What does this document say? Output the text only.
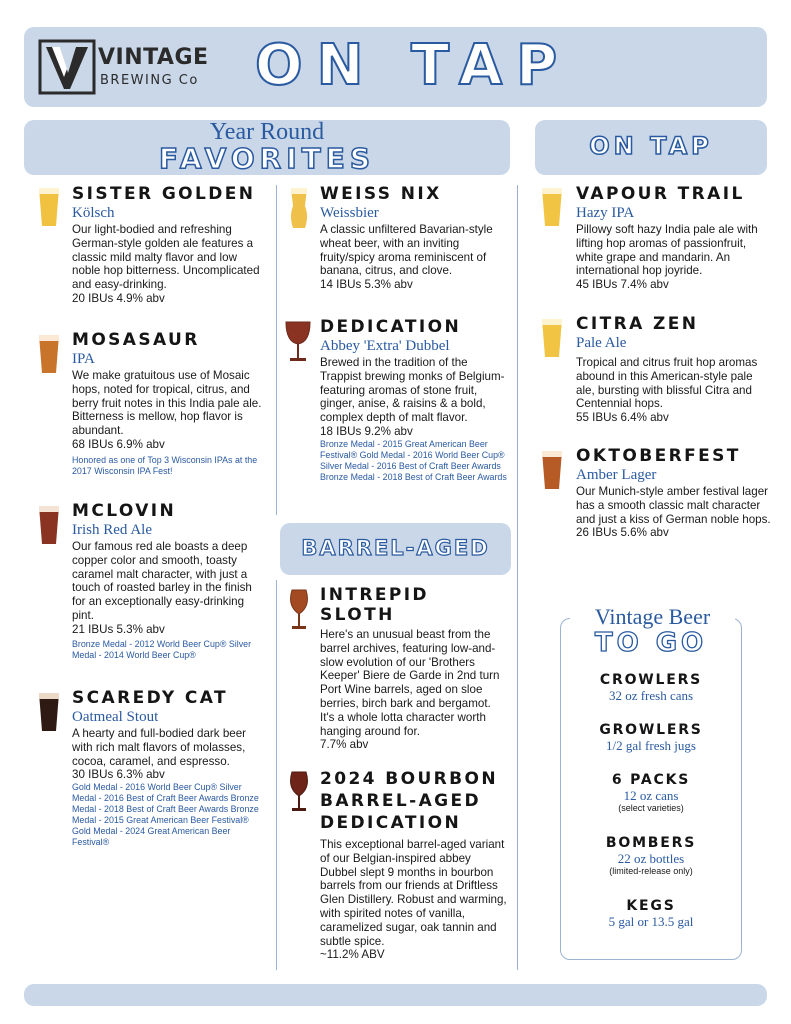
VINTAGE
BREWING Co ON TAP
Year Round
FAVORITES	ON TAP
BARREL-AGED
SISTER GOLDEN
Kölsch
Our light-bodied and refreshing German-style golden ale features a classic mild malty flavor and low noble hop bitterness. Uncomplicated and easy-drinking.
20 IBUs 4.9% abv
MOSASAUR
IPA
We make gratuitous use of Mosaic hops, noted for tropical, citrus, and berry fruit notes in this India pale ale. Bitterness is mellow, hop flavor is abundant.
68 IBUs 6.9% abv
Honored as one of Top 3 Wisconsin IPAs at the 2017 Wisconsin IPA Fest!
MCLOVIN
Irish Red Ale
Our famous red ale boasts a deep copper color and smooth, toasty caramel malt character, with just a touch of roasted barley in the finish for an exceptionally easy-drinking pint.
21 IBUs 5.3% abv
Bronze Medal - 2012 World Beer Cup® Silver Medal - 2014 World Beer Cup®
SCAREDY CAT
Oatmeal Stout
A hearty and full-bodied dark beer with rich malt flavors of molasses, cocoa, caramel, and espresso.
30 IBUs 6.3% abv
Gold Medal - 2016 World Beer Cup® Silver Medal - 2016 Best of Craft Beer Awards Bronze Medal - 2018 Best of Craft Beer Awards Bronze Medal - 2015 Great American Beer Festival® Gold Medal - 2024 Great American Beer Festival®
WEISS NIX
Weissbier
A classic unfiltered Bavarian-style wheat beer, with an inviting fruity/spicy aroma reminiscent of banana, citrus, and clove.
14 IBUs 5.3% abv
DEDICATION
Abbey 'Extra' Dubbel
Brewed in the tradition of the Trappist brewing monks of Belgium- featuring aromas of stone fruit, ginger, anise, & raisins & a bold, complex depth of malt flavor.
18 IBUs 9.2% abv
Bronze Medal - 2015 Great American Beer Festival® Gold Medal - 2016 World Beer Cup® Silver Medal - 2016 Best of Craft Beer Awards Bronze Medal - 2018 Best of Craft Beer Awards
INTREPID SLOTH
Here's an unusual beast from the barrel archives, featuring low-and-slow evolution of our 'Brothers Keeper' Biere de Garde in 2nd turn Port Wine barrels, aged on sloe berries, birch bark and bergamot. It's a whole lotta character worth hanging around for.
7.7% abv
2024 BOURBON BARREL-AGED DEDICATION
This exceptional barrel-aged variant of our Belgian-inspired abbey Dubbel slept 9 months in bourbon barrels from our friends at Driftless Glen Distillery. Robust and warming, with spirited notes of vanilla, caramelized sugar, oak tannin and subtle spice.
~11.2% ABV
VAPOUR TRAIL
Hazy IPA
Pillowy soft hazy India pale ale with lifting hop aromas of passionfruit, white grape and mandarin. An international hop joyride.
45 IBUs 7.4% abv
CITRA ZEN
Pale Ale
Tropical and citrus fruit hop aromas abound in this American-style pale ale, bursting with blissful Citra and Centennial hops.
55 IBUs 6.4% abv
OKTOBERFEST
Amber Lager
Our Munich-style amber festival lager has a smooth classic malt character and just a kiss of German noble hops.
26 IBUs 5.6% abv
Vintage Beer
TO GO
CROWLERS
32 oz fresh cans
GROWLERS
1/2 gal fresh jugs
6 PACKS
12 oz cans
(select varieties)
BOMBERS
22 oz bottles
(limited-release only)
KEGS
5 gal or 13.5 gal
